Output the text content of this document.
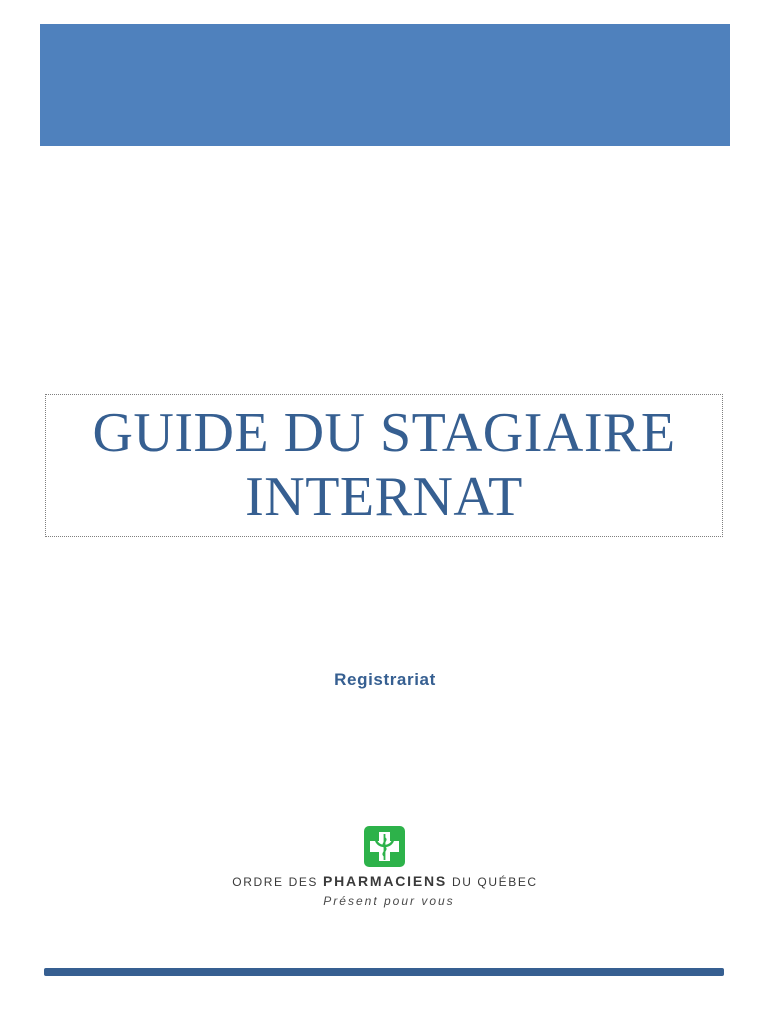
GUIDE DU STAGIAIRE
INTERNAT
Registrariat
ORDRE DES PHARMACIENS DU QUÉBEC
Présent pour vous
